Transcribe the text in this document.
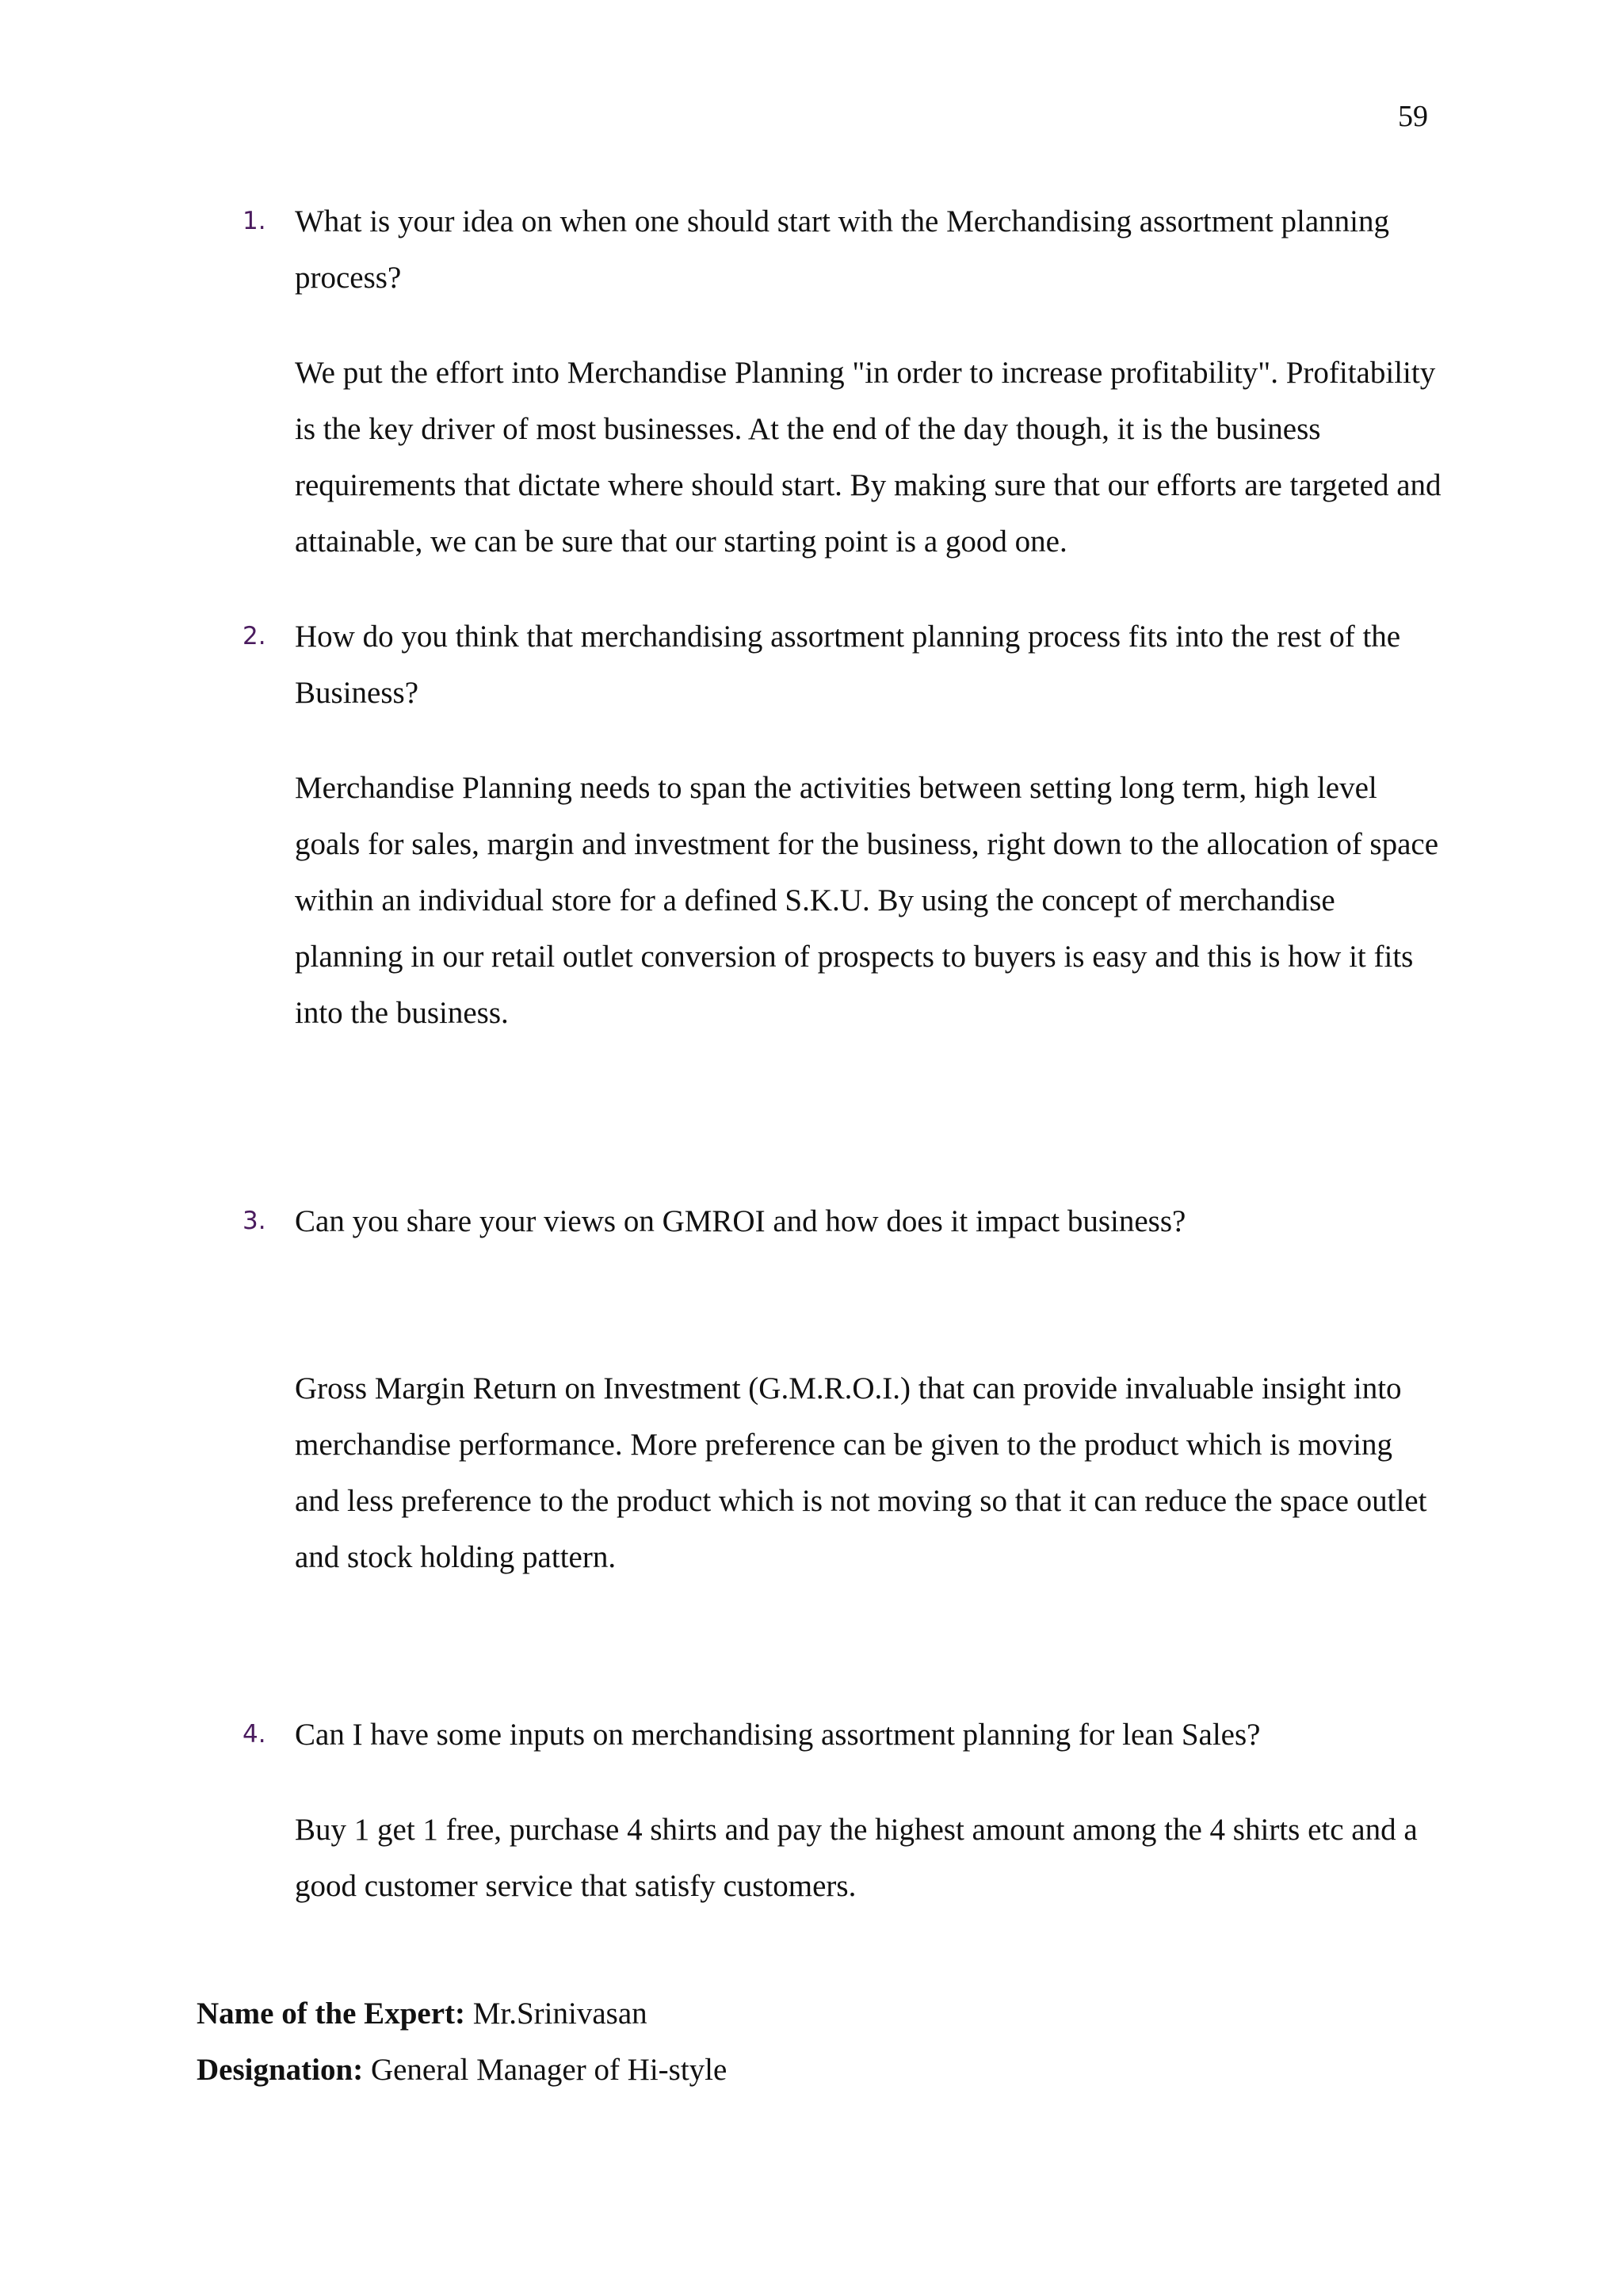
59
1. What is your idea on when one should start with the Merchandising assortment planning process?
We put the effort into Merchandise Planning "in order to increase profitability". Profitability is the key driver of most businesses. At the end of the day though, it is the business requirements that dictate where should start. By making sure that our efforts are targeted and attainable, we can be sure that our starting point is a good one.
2. How do you think that merchandising assortment planning process fits into the rest of the Business?
Merchandise Planning needs to span the activities between setting long term, high level goals for sales, margin and investment for the business, right down to the allocation of space within an individual store for a defined S.K.U. By using the concept of merchandise planning in our retail outlet conversion of prospects to buyers is easy and this is how it fits into the business.
3. Can you share your views on GMROI and how does it impact business?
Gross Margin Return on Investment (G.M.R.O.I.) that can provide invaluable insight into merchandise performance. More preference can be given to the product which is moving and less preference to the product which is not moving so that it can reduce the space outlet and stock holding pattern.
4. Can I have some inputs on merchandising assortment planning for lean Sales?
Buy 1 get 1 free, purchase 4 shirts and pay the highest amount among the 4 shirts etc and a good customer service that satisfy customers.
Name of the Expert: Mr.Srinivasan
Designation: General Manager of Hi-style
